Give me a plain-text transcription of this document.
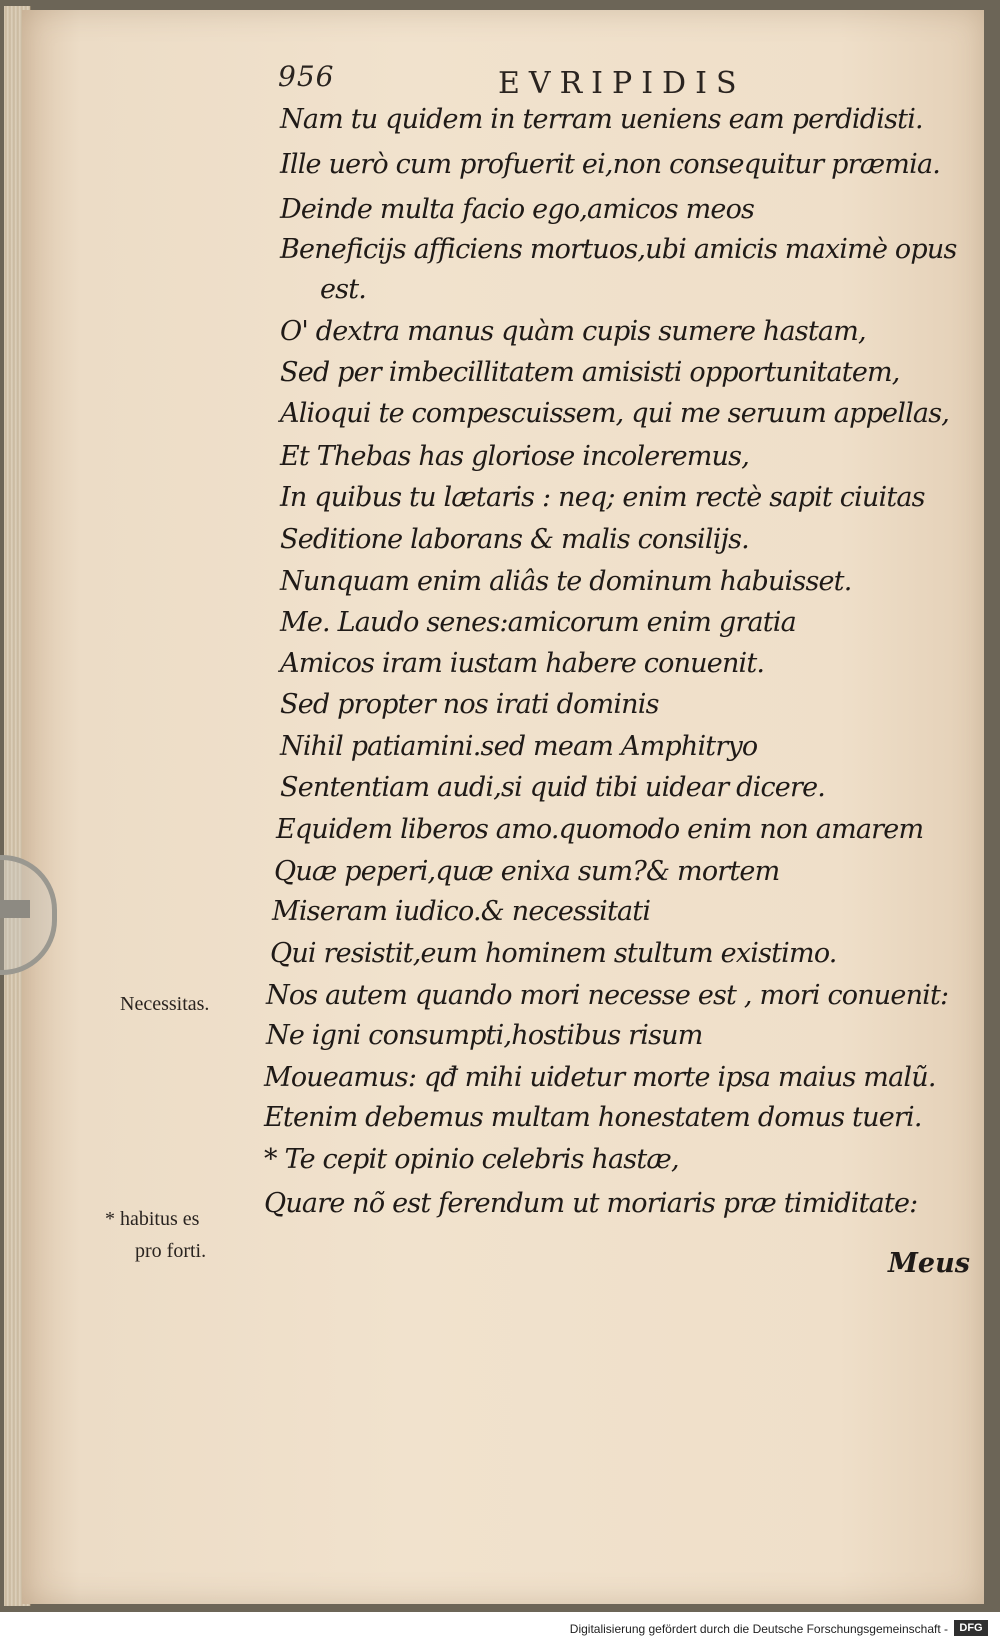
956	EVRIPIDIS
Nam tu quidem in terram ueniens eam perdidisti.
Ille uerò cum profuerit ei,non consequitur præmia.
Deinde multa facio ego,amicos meos
Beneficijs afficiens mortuos,ubi amicis maximè opus
est.
O' dextra manus quàm cupis sumere hastam,
Sed per imbecillitatem amisisti opportunitatem,
Alioqui te compescuissem, qui me seruum appellas,
Et Thebas has gloriose incoleremus,
In quibus tu lætaris : neq; enim rectè sapit ciuitas
Seditione laborans & malis consilijs.
Nunquam enim aliâs te dominum habuisset.
Me. Laudo senes:amicorum enim gratia
Amicos iram iustam habere conuenit.
Sed propter nos irati dominis
Nihil patiamini.sed meam Amphitryo
Sententiam audi,si quid tibi uidear dicere.
Equidem liberos amo.quomodo enim non amarem
Quæ peperi,quæ enixa sum?& mortem
Miseram iudico.& necessitati
Qui resistit,eum hominem stultum existimo.
Nos autem quando mori necesse est , mori conuenit:
Ne igni consumpti,hostibus risum
Moueamus: qđ mihi uidetur morte ipsa maius malũ.
Etenim debemus multam honestatem domus tueri.
* Te cepit opinio celebris hastæ,
Quare nõ est ferendum ut moriaris præ timiditate:
Necessitas.
* habitus es
pro forti.	Meus
Digitalisierung gefördert durch die Deutsche Forschungsgemeinschaft -	DFG
